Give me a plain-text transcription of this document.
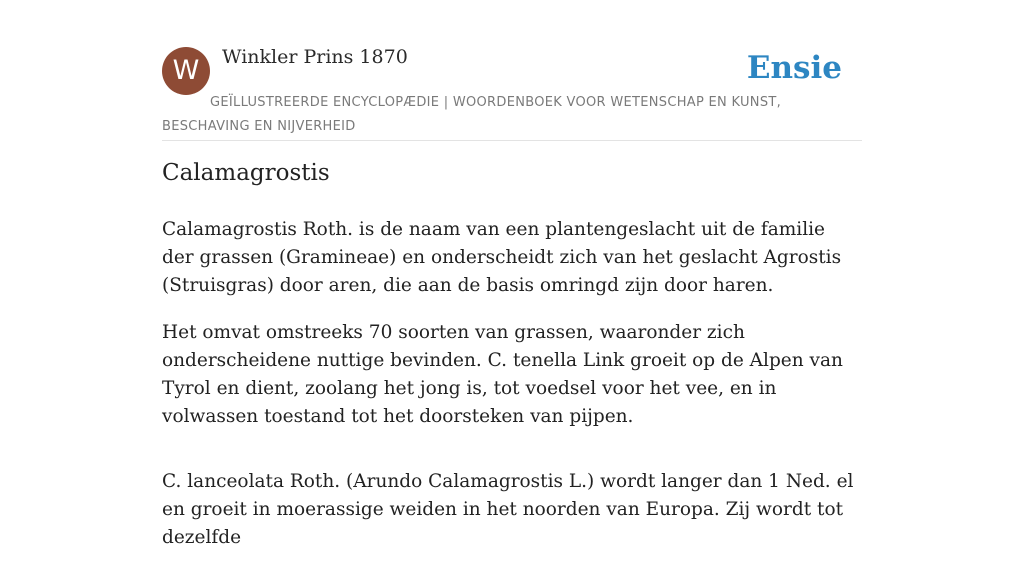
W	Winkler Prins 1870	Ensie
GEÏLLUSTREERDE ENCYCLOPÆDIE | WOORDENBOEK VOOR WETENSCHAP EN KUNST, BESCHAVING EN NIJVERHEID
Calamagrostis

Calamagrostis Roth. is de naam van een plantengeslacht uit de familie der grassen (Gramineae) en onderscheidt zich van het geslacht Agrostis (Struisgras) door aren, die aan de basis omringd zijn door haren.

Het omvat omstreeks 70 soorten van grassen, waaronder zich onderscheidene nuttige bevinden. C. tenella Link groeit op de Alpen van Tyrol en dient, zoolang het jong is, tot voedsel voor het vee, en in volwassen toestand tot het doorsteken van pijpen.

C. lanceolata Roth. (Arundo Calamagrostis L.) wordt langer dan 1 Ned. el en groeit in moerassige weiden in het noorden van Europa. Zij wordt tot dezelfde
